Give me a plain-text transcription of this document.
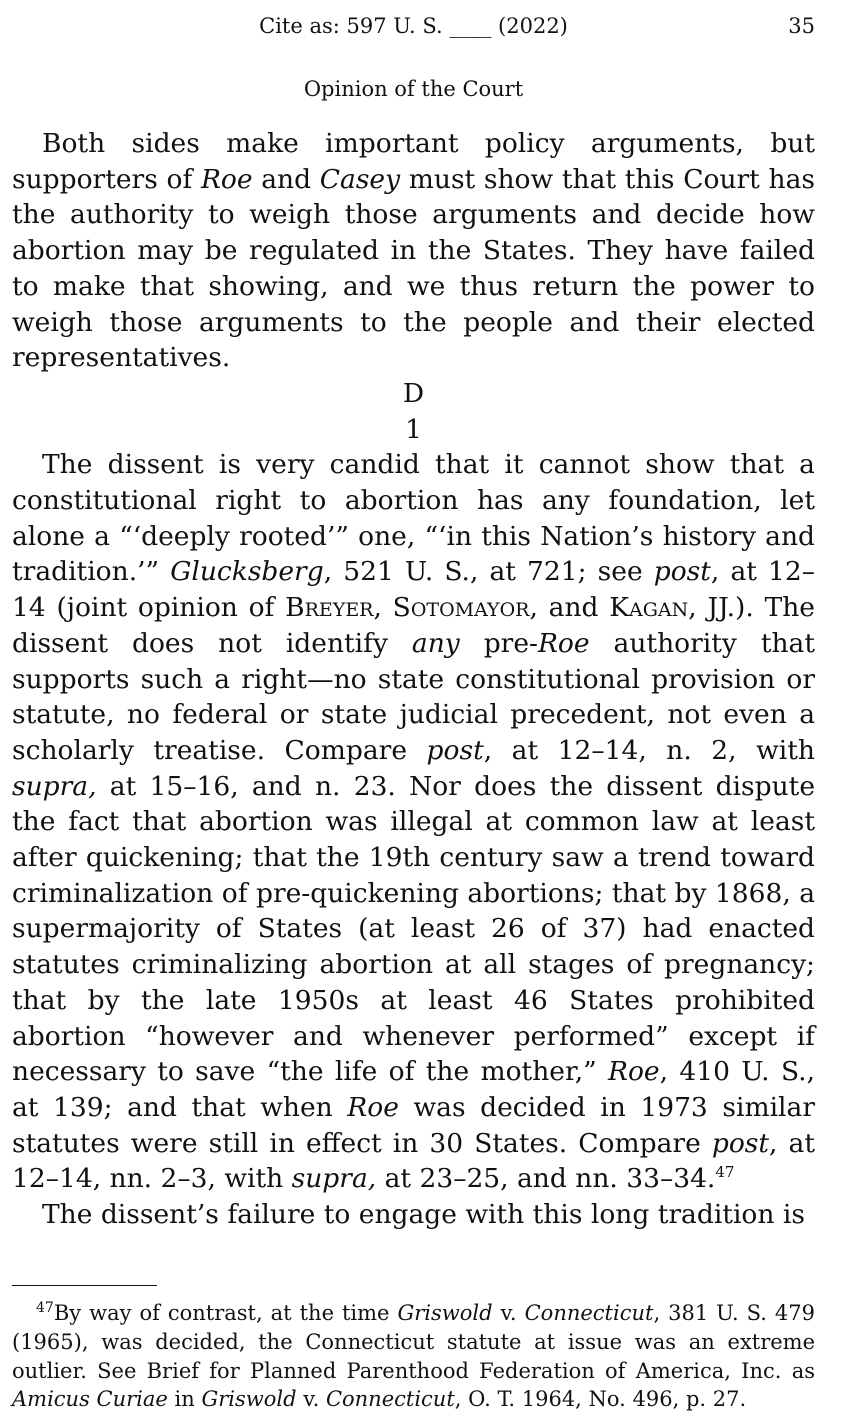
Cite as: 597 U. S. ____ (2022)	35
Opinion of the Court

Both sides make important policy arguments, but supporters of Roe and Casey must show that this Court has the authority to weigh those arguments and decide how abortion may be regulated in the States. They have failed to make that showing, and we thus return the power to weigh those arguments to the people and their elected representatives.

D

1

The dissent is very candid that it cannot show that a constitutional right to abortion has any foundation, let alone a “‘deeply rooted’” one, “‘in this Nation’s history and tradition.’” Glucksberg, 521 U. S., at 721; see post, at 12–14 (joint opinion of Breyer, Sotomayor, and Kagan, JJ.). The dissent does not identify any pre-Roe authority that supports such a right—no state constitutional provision or statute, no federal or state judicial precedent, not even a scholarly treatise. Compare post, at 12–14, n. 2, with supra, at 15–16, and n. 23. Nor does the dissent dispute the fact that abortion was illegal at common law at least after quickening; that the 19th century saw a trend toward criminalization of pre-quickening abortions; that by 1868, a supermajority of States (at least 26 of 37) had enacted statutes criminalizing abortion at all stages of pregnancy; that by the late 1950s at least 46 States prohibited abortion “however and whenever performed” except if necessary to save “the life of the mother,” Roe, 410 U. S., at 139; and that when Roe was decided in 1973 similar statutes were still in effect in 30 States. Compare post, at 12–14, nn. 2–3, with supra, at 23–25, and nn. 33–34.47

The dissent’s failure to engage with this long tradition is

$^{47}$By way of contrast, at the time Griswold v. Connecticut, 381 U. S. 479 (1965), was decided, the Connecticut statute at issue was an extreme outlier. See Brief for Planned Parenthood Federation of America, Inc. as Amicus Curiae in Griswold v. Connecticut, O. T. 1964, No. 496, p. 27.
